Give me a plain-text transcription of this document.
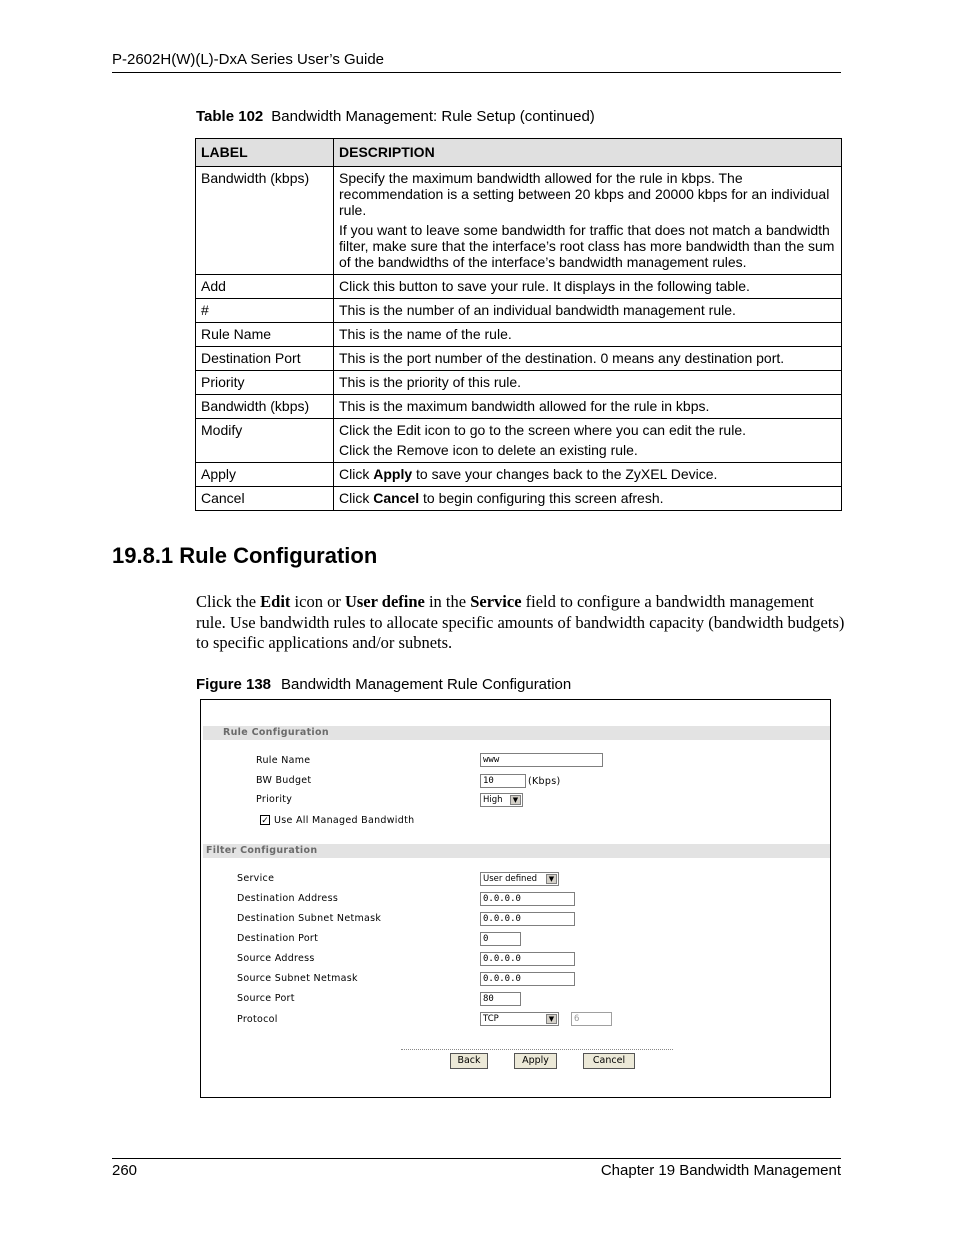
P-2602H(W)(L)-DxA Series User’s Guide
Table 102 Bandwidth Management: Rule Setup (continued)
LABEL	DESCRIPTION
Bandwidth (kbps)	Specify the maximum bandwidth allowed for the rule in kbps. The recommendation is a setting between 20 kbps and 20000 kbps for an individual rule.

If you want to leave some bandwidth for traffic that does not match a bandwidth filter, make sure that the interface’s root class has more bandwidth than the sum of the bandwidths of the interface’s bandwidth management rules.

Add	Click this button to save your rule. It displays in the following table.
#	This is the number of an individual bandwidth management rule.
Rule Name	This is the name of the rule.
Destination Port	This is the port number of the destination. 0 means any destination port.
Priority	This is the priority of this rule.
Bandwidth (kbps)	This is the maximum bandwidth allowed for the rule in kbps.
Modify	Click the Edit icon to go to the screen where you can edit the rule.

Click the Remove icon to delete an existing rule.

Apply	Click Apply to save your changes back to the ZyXEL Device.
Cancel	Click Cancel to begin configuring this screen afresh.
19.8.1 Rule Configuration
Click the Edit icon or User define in the Service field to configure a bandwidth management rule. Use bandwidth rules to allocate specific amounts of bandwidth capacity (bandwidth budgets) to specific applications and/or subnets.
Figure 138 Bandwidth Management Rule Configuration
Rule Configuration
Rule Name	www
BW Budget	10	(Kbps)
Priority	High	▼
✓ Use All Managed Bandwidth
Filter Configuration
Service	User defined	▼
Destination Address	0.0.0.0
Destination Subnet Netmask	0.0.0.0
Destination Port	0
Source Address	0.0.0.0
Source Subnet Netmask	0.0.0.0
Source Port	80
Protocol	TCP	▼	6
Back	Apply	Cancel
260	Chapter 19 Bandwidth Management
